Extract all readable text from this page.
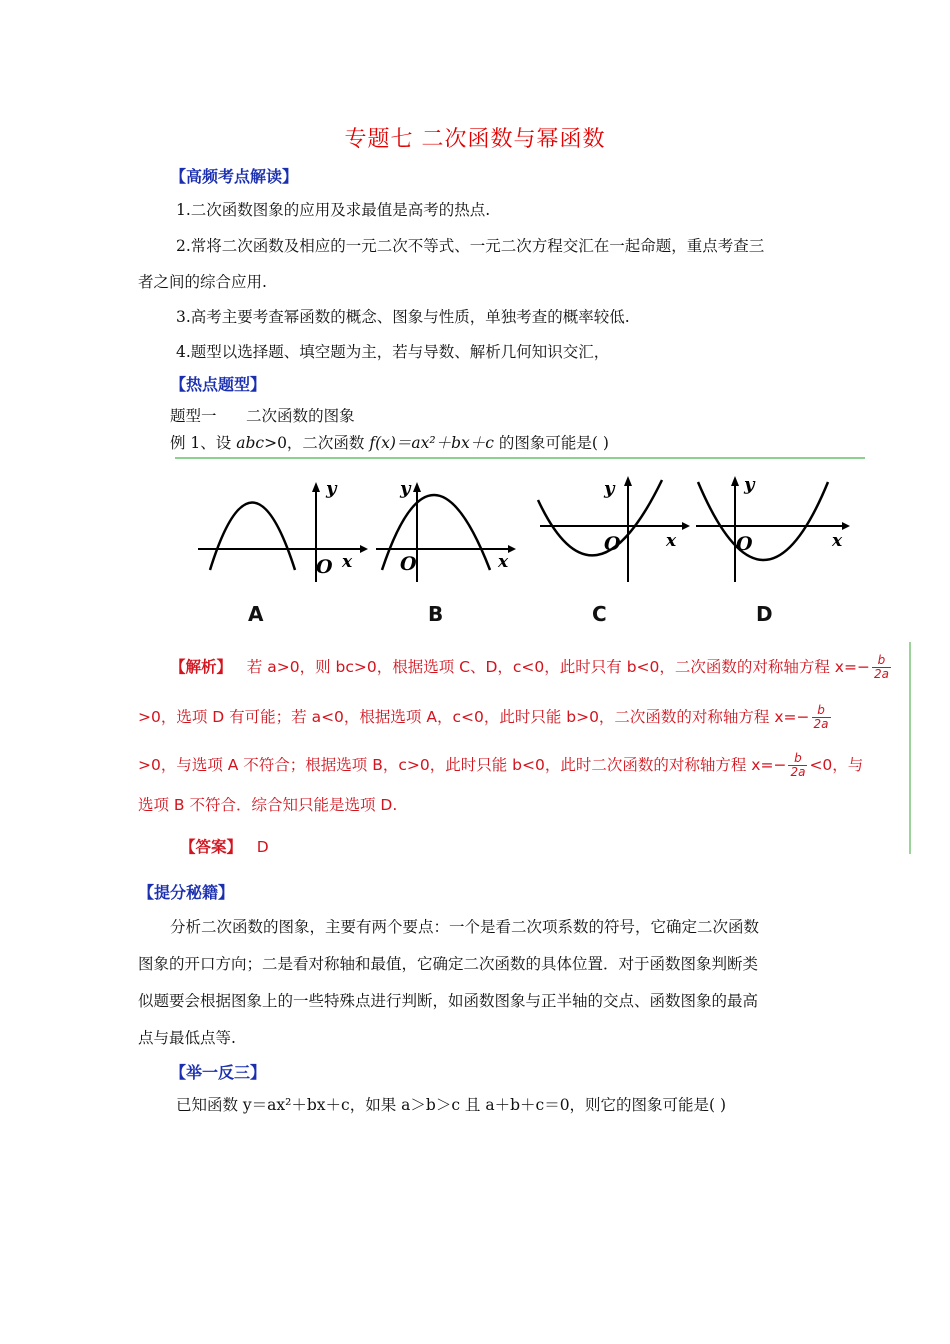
专题七 二次函数与幂函数
【高频考点解读】
1.二次函数图象的应用及求最值是高考的热点.
2.常将二次函数及相应的一元二次不等式、一元二次方程交汇在一起命题，重点考查三
者之间的综合应用.
3.高考主要考查幂函数的概念、图象与性质，单独考查的概率较低.
4.题型以选择题、填空题为主，若与导数、解析几何知识交汇，
【热点题型】
题型一      二次函数的图象
例 1、设 abc>0，二次函数 f(x)＝ax²＋bx＋c 的图象可能是( )
y
O x
A
y
O	x
B
y
O	x
C
y
O	x
D
【解析】 若 a>0，则 bc>0，根据选项 C、D，c<0，此时只有 b<0，二次函数的对称轴方程 $x=- \frac{b}{2a}$
>0，选项 D 有可能；若 a<0，根据选项 A，c<0，此时只能 b>0，二次函数的对称轴方程 $x=- \frac{b}{2a}$
>0，与选项 A 不符合；根据选项 B，c>0，此时只能 b<0，此时二次函数的对称轴方程 $x=- \frac{b}{2a} <0$，与
选项 B 不符合．综合知只能是选项 D.
【答案】 D
【提分秘籍】
分析二次函数的图象，主要有两个要点：一个是看二次项系数的符号，它确定二次函数
图象的开口方向；二是看对称轴和最值，它确定二次函数的具体位置．对于函数图象判断类
似题要会根据图象上的一些特殊点进行判断，如函数图象与正半轴的交点、函数图象的最高
点与最低点等.
【举一反三】
已知函数 y＝ax²＋bx＋c，如果 a＞b＞c 且 a＋b＋c＝0，则它的图象可能是( )
